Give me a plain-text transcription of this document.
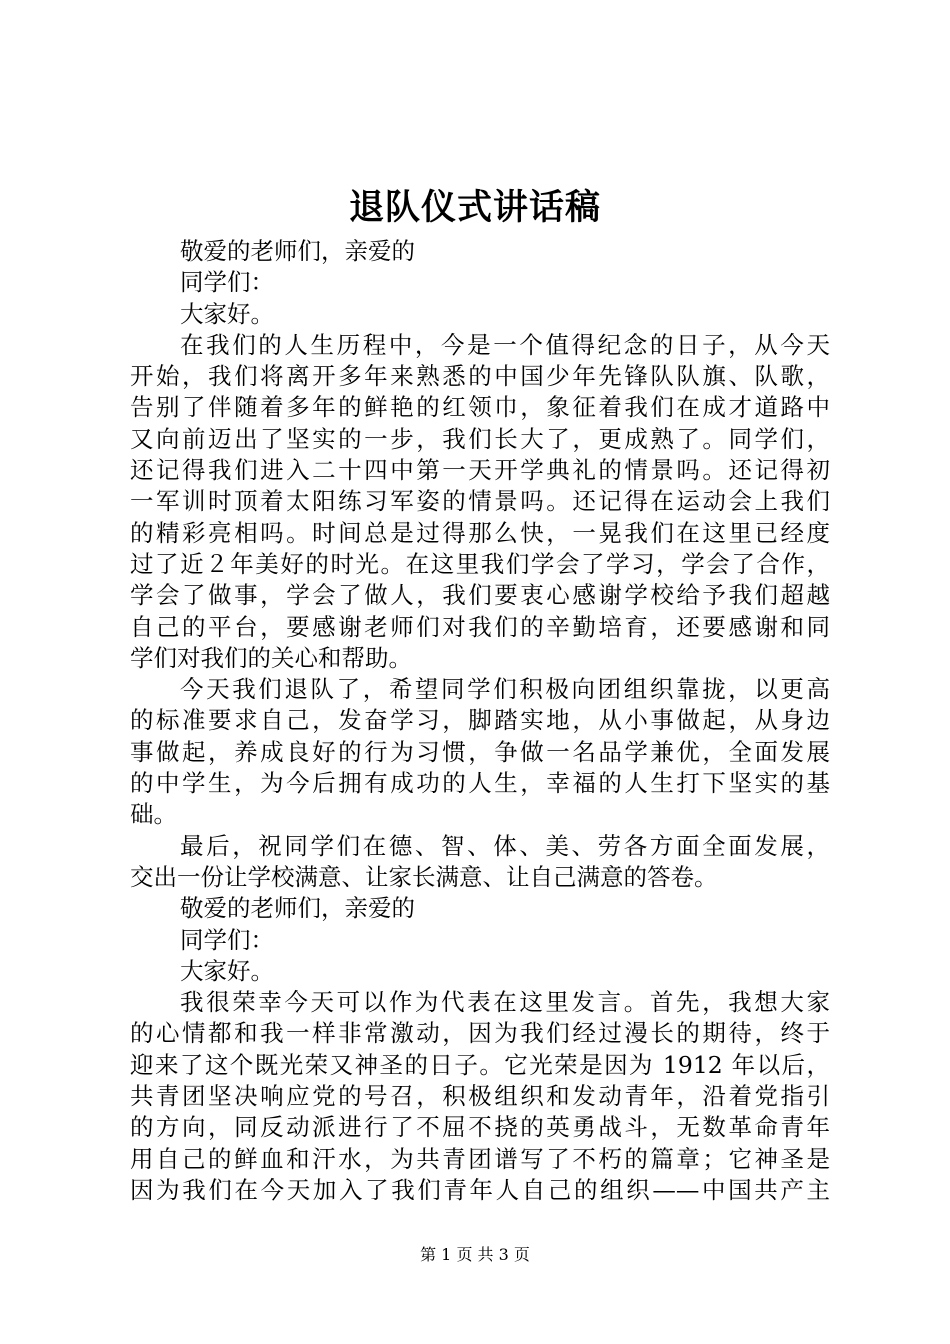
退队仪式讲话稿
敬爱的老师们，亲爱的
同学们：
大家好。
在我们的人生历程中，今是一个值得纪念的日子，从今天
开始，我们将离开多年来熟悉的中国少年先锋队队旗、队歌，
告别了伴随着多年的鲜艳的红领巾，象征着我们在成才道路中
又向前迈出了坚实的一步，我们长大了，更成熟了。同学们，
还记得我们进入二十四中第一天开学典礼的情景吗。还记得初
一军训时顶着太阳练习军姿的情景吗。还记得在运动会上我们
的精彩亮相吗。时间总是过得那么快，一晃我们在这里已经度
过了近２年美好的时光。在这里我们学会了学习，学会了合作，
学会了做事，学会了做人，我们要衷心感谢学校给予我们超越
自己的平台，要感谢老师们对我们的辛勤培育，还要感谢和同
学们对我们的关心和帮助。
今天我们退队了，希望同学们积极向团组织靠拢，以更高
的标准要求自己，发奋学习，脚踏实地，从小事做起，从身边
事做起，养成良好的行为习惯，争做一名品学兼优，全面发展
的中学生，为今后拥有成功的人生，幸福的人生打下坚实的基
础。
最后，祝同学们在德、智、体、美、劳各方面全面发展，
交出一份让学校满意、让家长满意、让自己满意的答卷。
敬爱的老师们，亲爱的
同学们：
大家好。
我很荣幸今天可以作为代表在这里发言。首先，我想大家
的心情都和我一样非常激动，因为我们经过漫长的期待，终于
迎来了这个既光荣又神圣的日子。它光荣是因为 1912 年以后，
共青团坚决响应党的号召，积极组织和发动青年，沿着党指引
的方向，同反动派进行了不屈不挠的英勇战斗，无数革命青年
用自己的鲜血和汗水，为共青团谱写了不朽的篇章；它神圣是
因为我们在今天加入了我们青年人自己的组织——中国共产主
第 1 页 共 3 页
